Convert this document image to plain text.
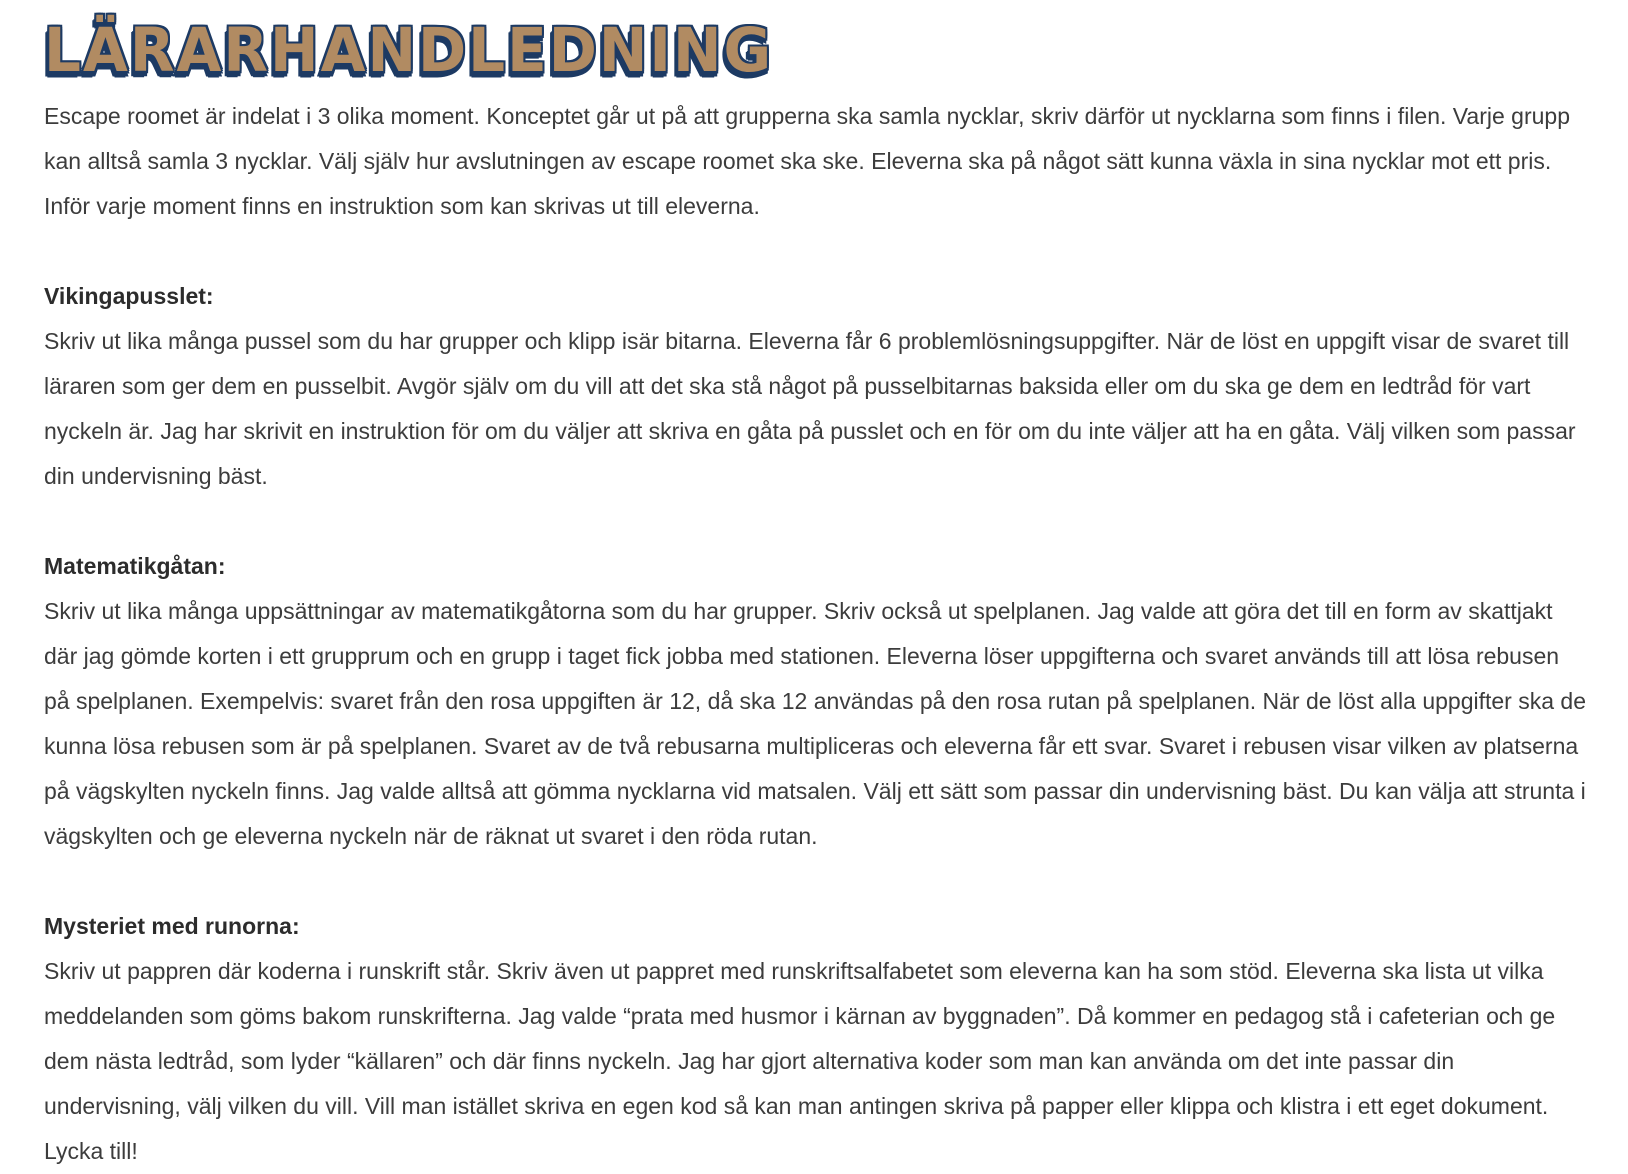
LÄRARHANDLEDNING

Escape roomet är indelat i 3 olika moment. Konceptet går ut på att grupperna ska samla nycklar, skriv därför ut nycklarna som finns i filen. Varje grupp kan alltså samla 3 nycklar. Välj själv hur avslutningen av escape roomet ska ske. Eleverna ska på något sätt kunna växla in sina nycklar mot ett pris. Inför varje moment finns en instruktion som kan skrivas ut till eleverna.

Vikingapusslet:

Skriv ut lika många pussel som du har grupper och klipp isär bitarna. Eleverna får 6 problemlösningsuppgifter. När de löst en uppgift visar de svaret till läraren som ger dem en pusselbit. Avgör själv om du vill att det ska stå något på pusselbitarnas baksida eller om du ska ge dem en ledtråd för vart nyckeln är. Jag har skrivit en instruktion för om du väljer att skriva en gåta på pusslet och en för om du inte väljer att ha en gåta. Välj vilken som passar din undervisning bäst.

Matematikgåtan:

Skriv ut lika många uppsättningar av matematikgåtorna som du har grupper. Skriv också ut spelplanen. Jag valde att göra det till en form av skattjakt där jag gömde korten i ett grupprum och en grupp i taget fick jobba med stationen. Eleverna löser uppgifterna och svaret används till att lösa rebusen på spelplanen. Exempelvis: svaret från den rosa uppgiften är 12, då ska 12 användas på den rosa rutan på spelplanen. När de löst alla uppgifter ska de kunna lösa rebusen som är på spelplanen. Svaret av de två rebusarna multipliceras och eleverna får ett svar. Svaret i rebusen visar vilken av platserna på vägskylten nyckeln finns. Jag valde alltså att gömma nycklarna vid matsalen. Välj ett sätt som passar din undervisning bäst. Du kan välja att strunta i vägskylten och ge eleverna nyckeln när de räknat ut svaret i den röda rutan.

Mysteriet med runorna:

Skriv ut pappren där koderna i runskrift står. Skriv även ut pappret med runskriftsalfabetet som eleverna kan ha som stöd. Eleverna ska lista ut vilka meddelanden som göms bakom runskrifterna. Jag valde “prata med husmor i kärnan av byggnaden”. Då kommer en pedagog stå i cafeterian och ge dem nästa ledtråd, som lyder “källaren” och där finns nyckeln. Jag har gjort alternativa koder som man kan använda om det inte passar din undervisning, välj vilken du vill. Vill man istället skriva en egen kod så kan man antingen skriva på papper eller klippa och klistra i ett eget dokument.

Lycka till!
